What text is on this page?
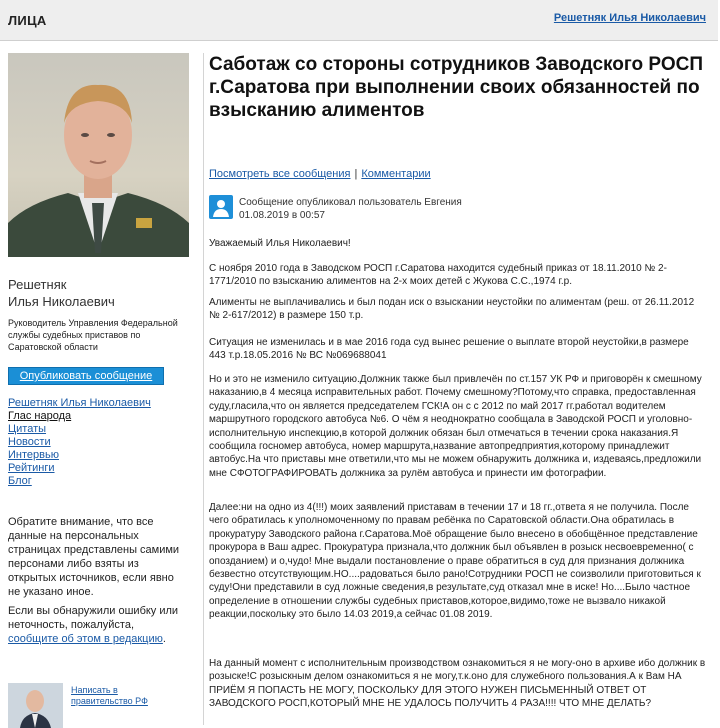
ЛИЦА	Решетняк Илья Николаевич
Решетняк
Илья Николаевич
Руководитель Управления Федеральной службы судебных приставов по Саратовской области
Опубликовать сообщение
Решетняк Илья Николаевич
Глас народа
Цитаты
Новости
Интервью
Рейтинги
Блог
Обратите внимание, что все данные на персональных страницах представлены самими персонами либо взяты из открытых источников, если явно не указано иное.
Если вы обнаружили ошибку или неточность, пожалуйста, сообщите об этом в редакцию.
Написать в правительство РФ
Саботаж со стороны сотрудников Заводского РОСП г.Саратова при выполнении своих обязанностей по взысканию алиментов
Посмотреть все сообщения | Комментарии
Сообщение опубликовал пользователь Евгения
01.08.2019 в 00:57

Уважаемый Илья Николаевич!

С ноября 2010 года в Заводском РОСП г.Саратова находится судебный приказ от 18.11.2010 № 2-1771/2010 по взысканию алиментов на 2-х моих детей с Жукова С.С.,1974 г.р.

Алименты не выплачивались и был подан иск о взыскании неустойки по алиментам (реш. от 26.11.2012 № 2-617/2012) в размере 150 т.р.

Ситуация не изменилась и в мае 2016 года суд вынес решение о выплате второй неустойки,в размере 443 т.р.18.05.2016 № ВС №069688041

Но и это не изменило ситуацию.Должник также был привлечён по ст.157 УК РФ и приговорён к смешному наказанию,в 4 месяца исправительных работ. Почему смешному?Потому,что справка, предоставленная суду,гласила,что он является председателем ГСК!А он с с 2012 по май 2017 гг.работал водителем маршрутного городского автобуса №6. О чём я неоднократно сообщала в Заводской РОСП и уголовно-исполнительную инспекцию,в которой должник обязан был отмечаться в течении срока наказания.Я сообщила госномер автобуса, номер маршрута,название автопредприятия,которому принадлежит автобус.На что приставы мне ответили,что мы не можем обнаружить должника и, издеваясь,предложили мне СФОТОГРАФИРОВАТЬ должника за рулём автобуса и принести им фотографии.

Далее:ни на одно из 4(!!!) моих заявлений приставам в течении 17 и 18 гг.,ответа я не получила. После чего обратилась к уполномоченному по правам ребёнка по Саратовской области.Она обратилась в прокуратуру Заводского района г.Саратова.Моё обращение было внесено в обобщённое представление прокурора в Ваш адрес. Прокуратура признала,что должник был объявлен в розыск несвоевременно( с опозданием) и о,чудо! Мне выдали постановление о праве обратиться в суд для признания должника безвестно отсутствующим.НО....радоваться было рано!Сотрудники РОСП не соизволили приготовиться к суду!Они представили в суд ложные сведения,в результате,суд отказал мне в иске! Но....Было частное определение в отношении службы судебных приставов,которое,видимо,тоже не вызвало никакой реакции,поскольку это было 14.03 2019,а сейчас 01.08 2019.

На данный момент с исполнительным производством ознакомиться я не могу-оно в архиве ибо должник в розыске!С розыскным делом ознакомиться я не могу,т.к.оно для служебного пользования.А к Вам НА ПРИЁМ Я ПОПАСТЬ НЕ МОГУ, ПОСКОЛЬКУ ДЛЯ ЭТОГО НУЖЕН ПИСЬМЕННЫЙ ОТВЕТ ОТ ЗАВОДСКОГО РОСП,КОТОРЫЙ МНЕ НЕ УДАЛОСЬ ПОЛУЧИТЬ 4 РАЗА!!!! ЧТО МНЕ ДЕЛАТЬ?
